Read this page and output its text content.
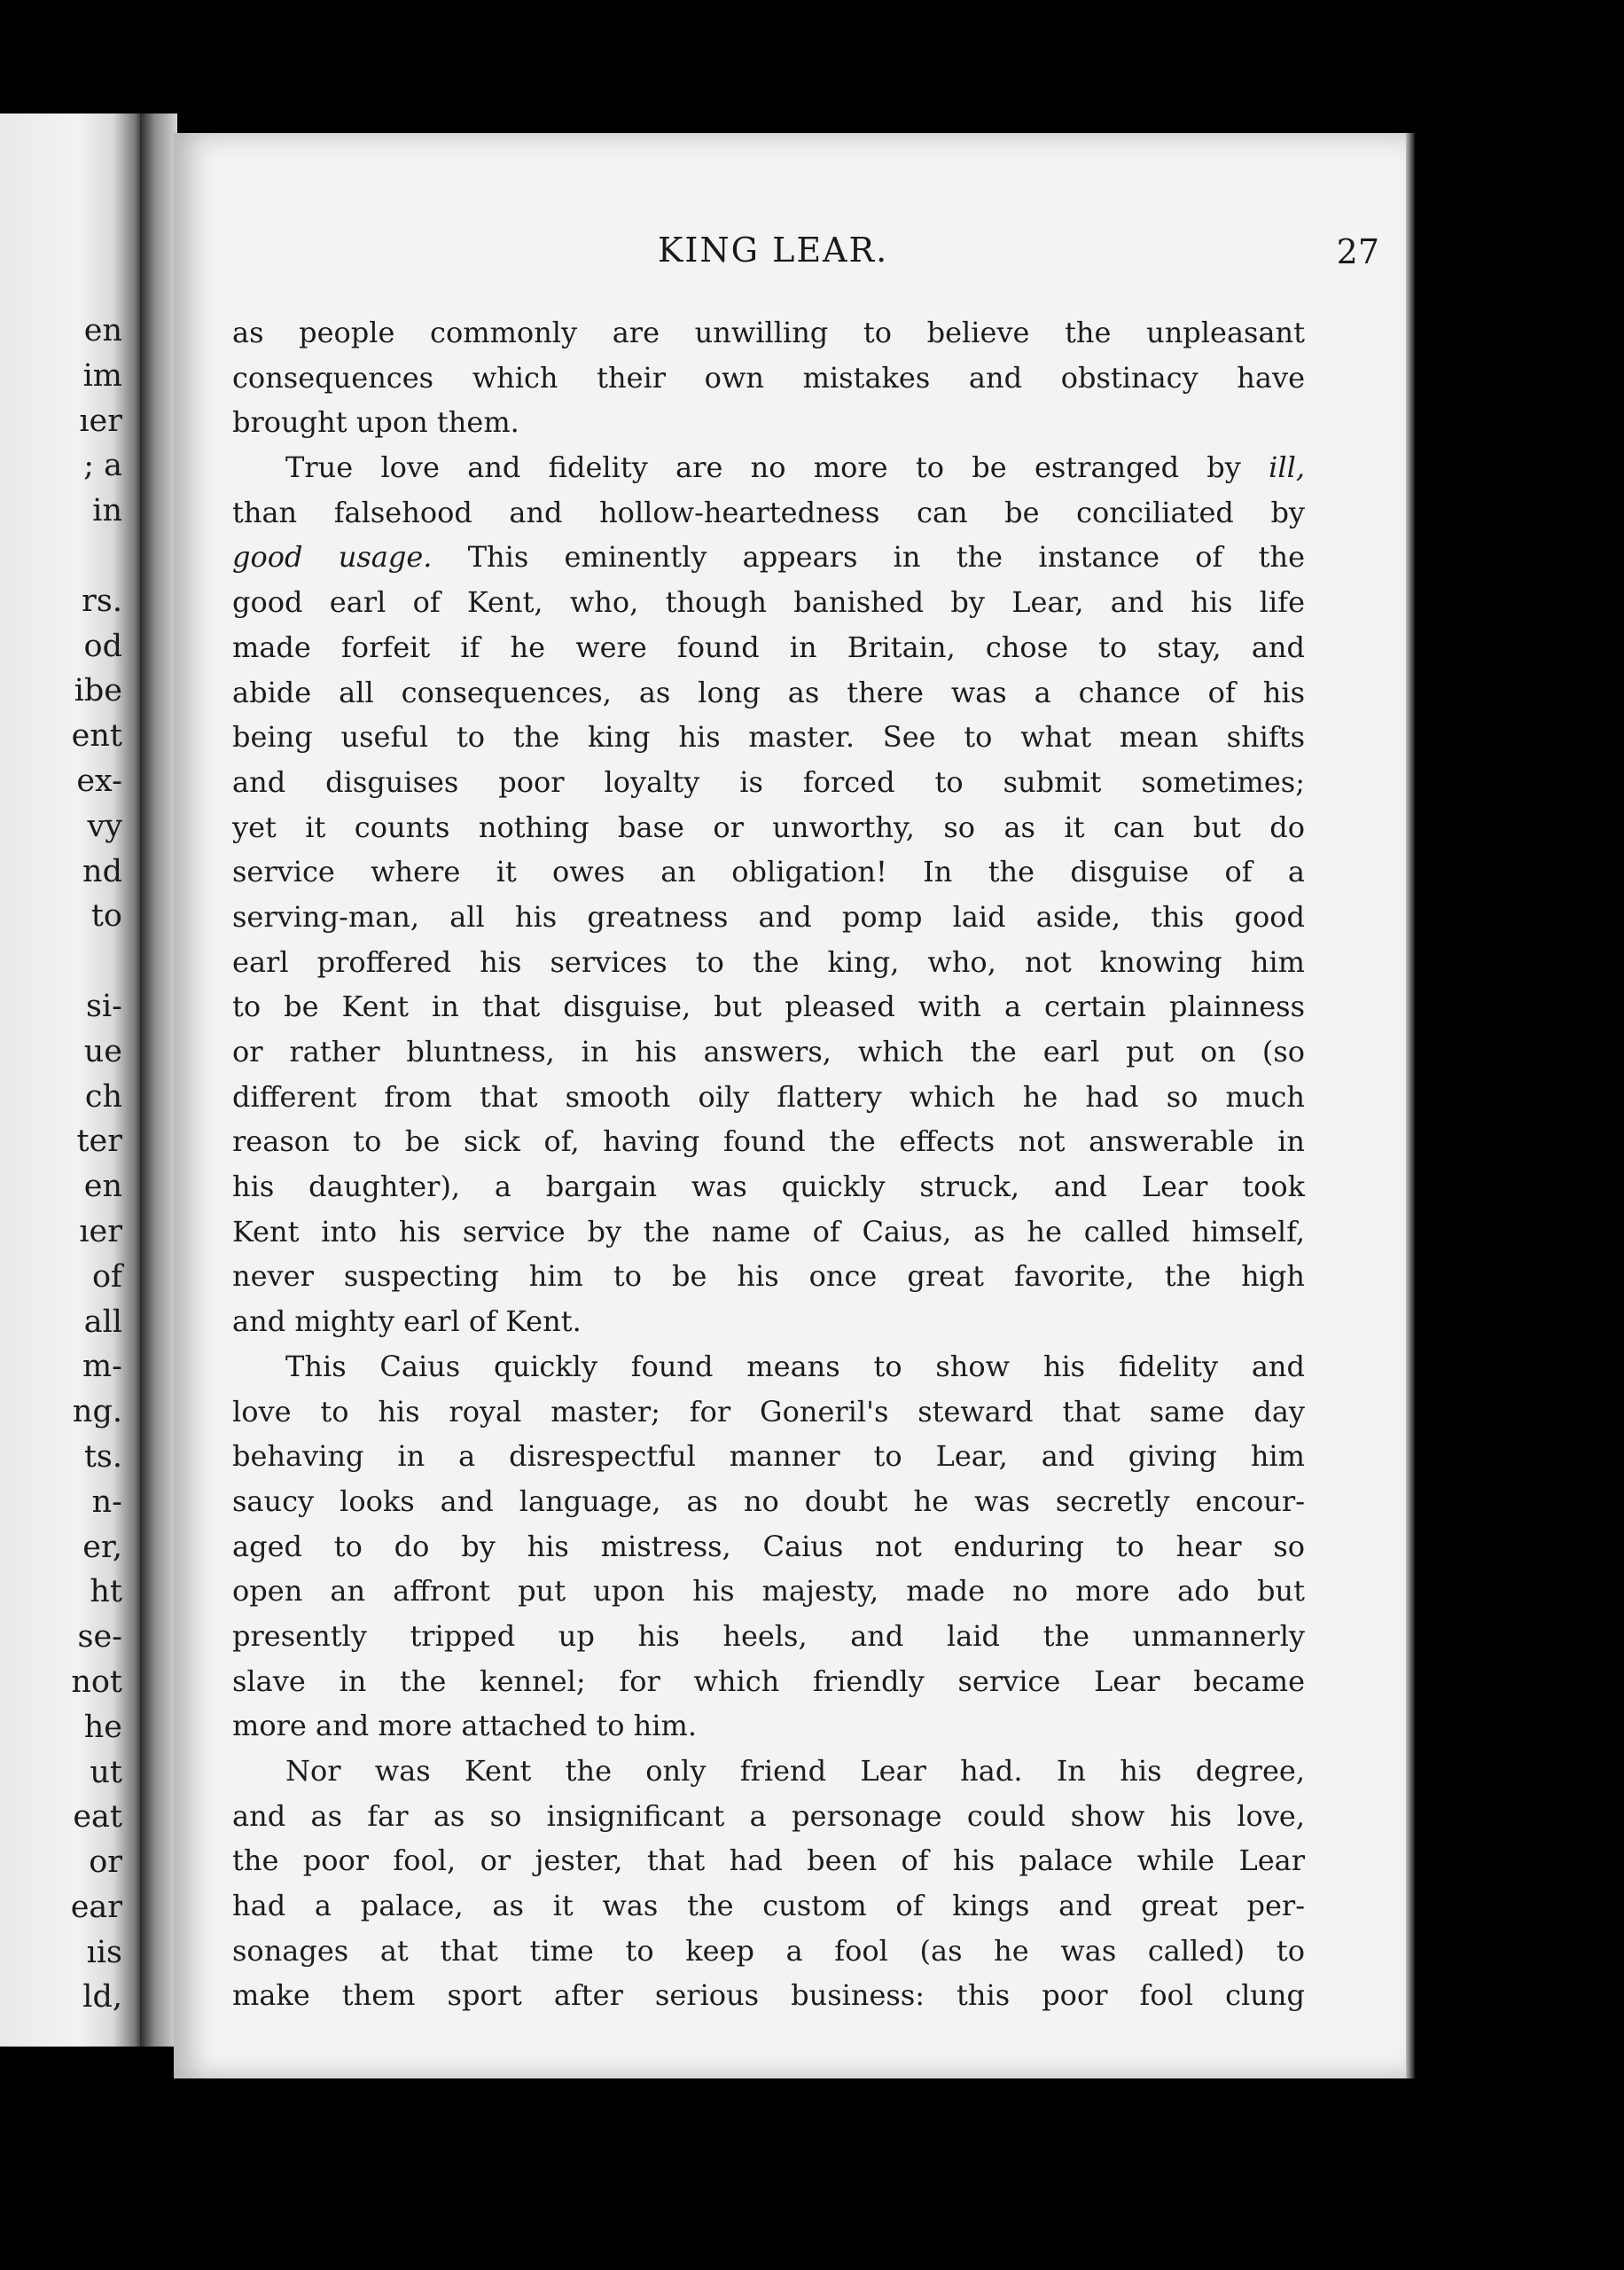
en
im
ıer
; a
in
rs.
od
ibe
ent
ex-
vy
nd
to
si-
ue
ch
ter
en
ıer
of
all
m-
ng.
ts.
n-
er,
ht
se-
not
he
ut
eat
or
ear
ıis
ld,
KING LEAR.	27
as people commonly are unwilling to believe the unpleasant
consequences which their own mistakes and obstinacy have
brought upon them.
True love and fidelity are no more to be estranged by ill,
than falsehood and hollow-heartedness can be conciliated by
good usage. This eminently appears in the instance of the
good earl of Kent, who, though banished by Lear, and his life
made forfeit if he were found in Britain, chose to stay, and
abide all consequences, as long as there was a chance of his
being useful to the king his master. See to what mean shifts
and disguises poor loyalty is forced to submit sometimes;
yet it counts nothing base or unworthy, so as it can but do
service where it owes an obligation! In the disguise of a
serving-man, all his greatness and pomp laid aside, this good
earl proffered his services to the king, who, not knowing him
to be Kent in that disguise, but pleased with a certain plainness
or rather bluntness, in his answers, which the earl put on (so
different from that smooth oily flattery which he had so much
reason to be sick of, having found the effects not answerable in
his daughter), a bargain was quickly struck, and Lear took
Kent into his service by the name of Caius, as he called himself,
never suspecting him to be his once great favorite, the high
and mighty earl of Kent.
This Caius quickly found means to show his fidelity and
love to his royal master; for Goneril's steward that same day
behaving in a disrespectful manner to Lear, and giving him
saucy looks and language, as no doubt he was secretly encour-
aged to do by his mistress, Caius not enduring to hear so
open an affront put upon his majesty, made no more ado but
presently tripped up his heels, and laid the unmannerly
slave in the kennel; for which friendly service Lear became
more and more attached to him.
Nor was Kent the only friend Lear had. In his degree,
and as far as so insignificant a personage could show his love,
the poor fool, or jester, that had been of his palace while Lear
had a palace, as it was the custom of kings and great per-
sonages at that time to keep a fool (as he was called) to
make them sport after serious business: this poor fool clung
